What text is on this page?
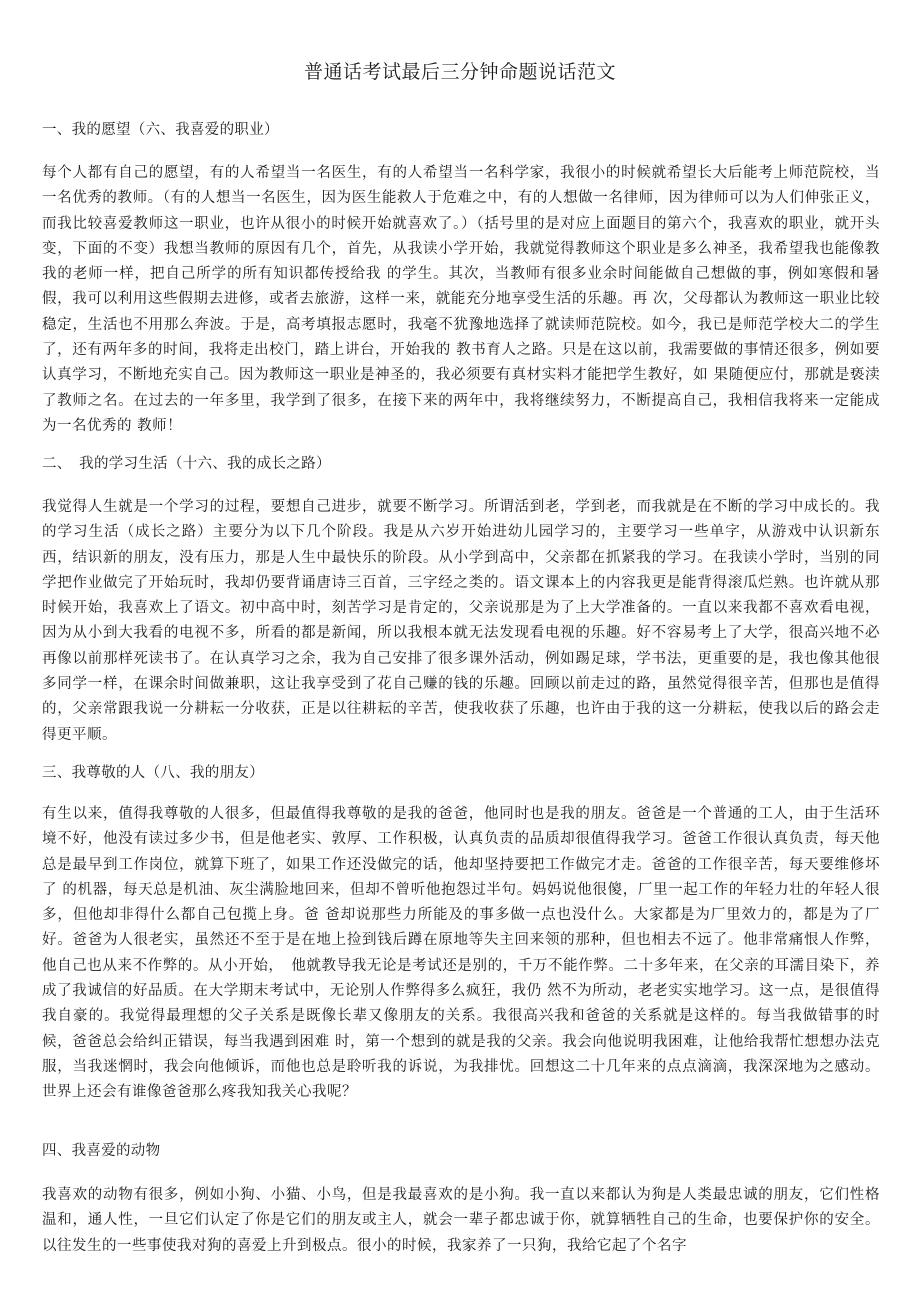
普通话考试最后三分钟命题说话范文
一、我的愿望（六、我喜爱的职业）
每个人都有自己的愿望，有的人希望当一名医生，有的人希望当一名科学家，我很小的时候就希望长大后能考上师范院校，当一名优秀的教师。（有的人想当一名医生，因为医生能救人于危难之中，有的人想做一名律师，因为律师可以为人们伸张正义，而我比较喜爱教师这一职业，也许从很小的时候开始就喜欢了。）（括号里的是对应上面题目的第六个，我喜欢的职业，就开头变，下面的不变）我想当教师的原因有几个，首先，从我读小学开始，我就觉得教师这个职业是多么神圣，我希望我也能像教我的老师一样，把自己所学的所有知识都传授给我 的学生。其次，当教师有很多业余时间能做自己想做的事，例如寒假和暑假，我可以利用这些假期去进修，或者去旅游，这样一来，就能充分地享受生活的乐趣。再 次，父母都认为教师这一职业比较稳定，生活也不用那么奔波。于是，高考填报志愿时，我毫不犹豫地选择了就读师范院校。如今，我已是师范学校大二的学生了，还有两年多的时间，我将走出校门，踏上讲台，开始我的 教书育人之路。只是在这以前，我需要做的事情还很多，例如要认真学习，不断地充实自己。因为教师这一职业是神圣的，我必须要有真材实料才能把学生教好，如 果随便应付，那就是亵渎了教师之名。在过去的一年多里，我学到了很多，在接下来的两年中，我将继续努力，不断提高自己，我相信我将来一定能成为一名优秀的 教师！
二、　我的学习生活（十六、我的成长之路）
我觉得人生就是一个学习的过程，要想自己进步，就要不断学习。所谓活到老，学到老，而我就是在不断的学习中成长的。我的学习生活（成长之路）主要分为以下几个阶段。我是从六岁开始进幼儿园学习的，主要学习一些单字，从游戏中认识新东西，结识新的朋友，没有压力，那是人生中最快乐的阶段。从小学到高中，父亲都在抓紧我的学习。在我读小学时，当别的同学把作业做完了开始玩时，我却仍要背诵唐诗三百首，三字经之类的。语文课本上的内容我更是能背得滚瓜烂熟。也许就从那时候开始，我喜欢上了语文。初中高中时，刻苦学习是肯定的，父亲说那是为了上大学准备的。一直以来我都不喜欢看电视，因为从小到大我看的电视不多，所看的都是新闻，所以我根本就无法发现看电视的乐趣。好不容易考上了大学，很高兴地不必再像以前那样死读书了。在认真学习之余，我为自己安排了很多课外活动，例如踢足球，学书法，更重要的是，我也像其他很多同学一样，在课余时间做兼职，这让我享受到了花自己赚的钱的乐趣。回顾以前走过的路，虽然觉得很辛苦，但那也是值得的，父亲常跟我说一分耕耘一分收获，正是以往耕耘的辛苦，使我收获了乐趣，也许由于我的这一分耕耘，使我以后的路会走得更平顺。
三、我尊敬的人（八、我的朋友）
有生以来，值得我尊敬的人很多，但最值得我尊敬的是我的爸爸，他同时也是我的朋友。爸爸是一个普通的工人，由于生活环境不好，他没有读过多少书，但是他老实、敦厚、工作积极，认真负责的品质却很值得我学习。爸爸工作很认真负责，每天他总是最早到工作岗位，就算下班了，如果工作还没做完的话，他却坚持要把工作做完才走。爸爸的工作很辛苦，每天要维修坏了 的机器，每天总是机油、灰尘满脸地回来，但却不曾听他抱怨过半句。妈妈说他很傻，厂里一起工作的年轻力壮的年轻人很多，但他却非得什么都自己包揽上身。爸 爸却说那些力所能及的事多做一点也没什么。大家都是为厂里效力的，都是为了厂好。爸爸为人很老实，虽然还不至于是在地上捡到钱后蹲在原地等失主回来领的那种，但也相去不远了。他非常痛恨人作弊，他自己也从来不作弊的。从小开始，　他就教导我无论是考试还是别的，千万不能作弊。二十多年来，在父亲的耳濡目染下，养成了我诚信的好品质。在大学期末考试中，无论别人作弊得多么疯狂，我仍 然不为所动，老老实实地学习。这一点，是很值得我自豪的。我觉得最理想的父子关系是既像长辈又像朋友的关系。我很高兴我和爸爸的关系就是这样的。每当我做错事的时候，爸爸总会给纠正错误，每当我遇到困难 时，第一个想到的就是我的父亲。我会向他说明我困难，让他给我帮忙想想办法克服，当我迷惘时，我会向他倾诉，而他也总是聆听我的诉说，为我排忧。回想这二十几年来的点点滴滴，我深深地为之感动。世界上还会有谁像爸爸那么疼我知我关心我呢？
四、我喜爱的动物
我喜欢的动物有很多，例如小狗、小猫、小鸟，但是我最喜欢的是小狗。我一直以来都认为狗是人类最忠诚的朋友，它们性格温和，通人性，一旦它们认定了你是它们的朋友或主人，就会一辈子都忠诚于你，就算牺牲自己的生命，也要保护你的安全。以往发生的一些事使我对狗的喜爱上升到极点。很小的时候，我家养了一只狗，我给它起了个名字
